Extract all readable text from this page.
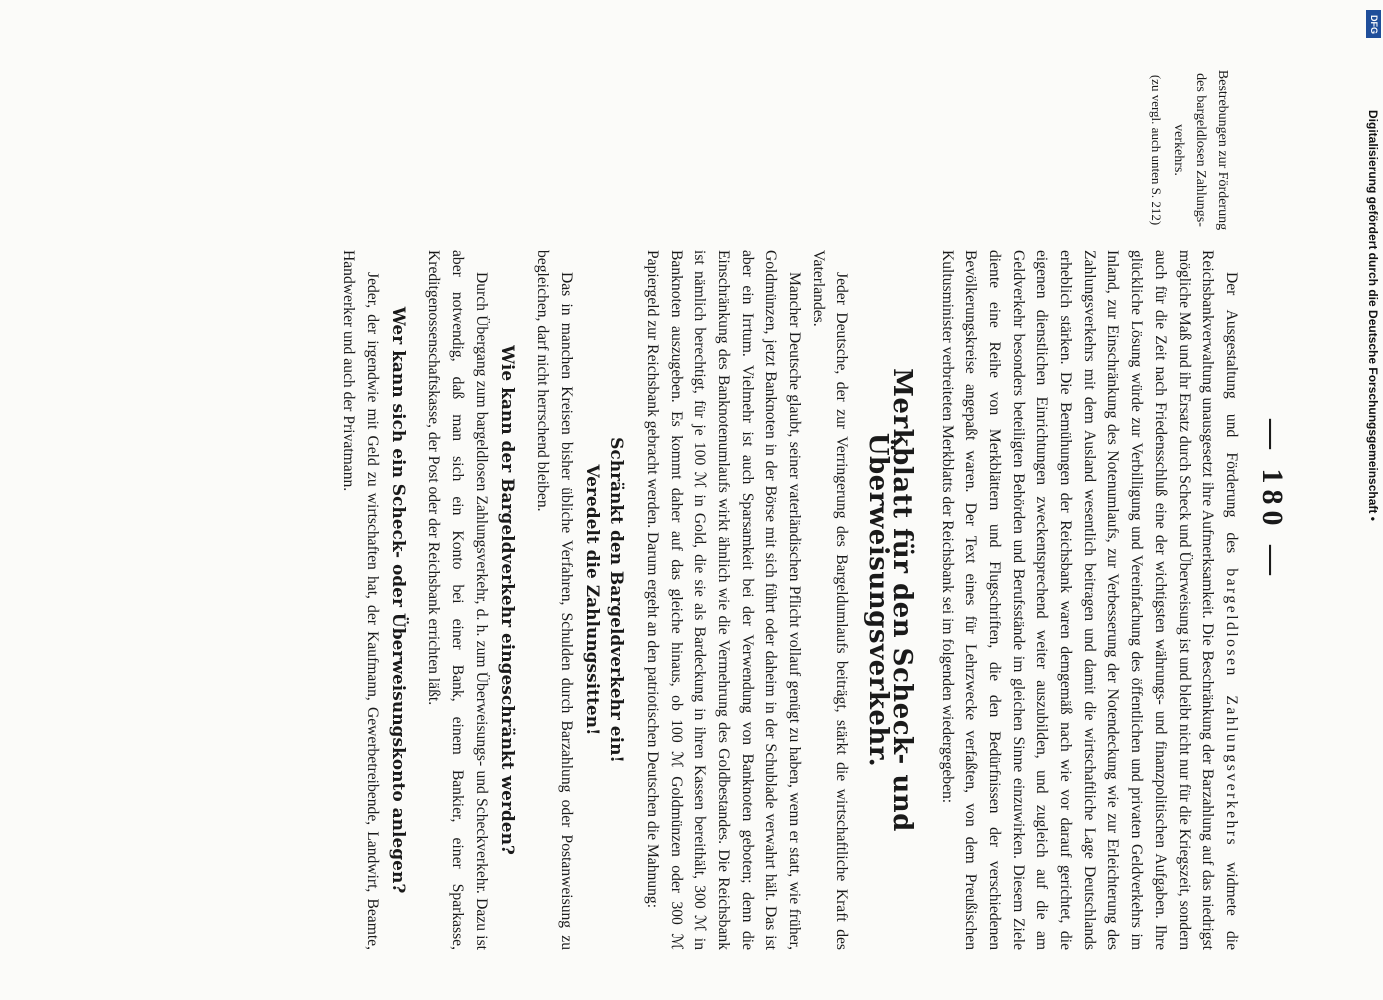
— 180 —
Bestrebungen zur Förderung des bargeldlosen Zahlungsverkehrs.
(zu vergl. auch unten S. 212)

Der Ausgestaltung und Förderung des bargeldlosen Zahlungsverkehrs widmete die Reichsbankverwaltung unausgesetzt ihre Aufmerksamkeit. Die Beschränkung der Barzahlung auf das niedrigst mögliche Maß und ihr Ersatz durch Scheck und Überweisung ist und bleibt nicht nur für die Kriegszeit, sondern auch für die Zeit nach Friedensschluß eine der wichtigsten währungs- und finanzpolitischen Aufgaben. Ihre glückliche Lösung würde zur Verbilligung und Vereinfachung des öffentlichen und privaten Geldverkehrs im Inland, zur Einschränkung des Notenumlaufs, zur Verbesserung der Notendeckung wie zur Erleichterung des Zahlungsverkehrs mit dem Ausland wesentlich beitragen und damit die wirtschaftliche Lage Deutschlands erheblich stärken. Die Bemühungen der Reichsbank waren demgemäß nach wie vor darauf gerichtet, die eigenen dienstlichen Einrichtungen zweckentsprechend weiter auszubilden, und zugleich auf die am Geldverkehr besonders beteiligten Behörden und Berufsstände im gleichen Sinne einzuwirken. Diesem Ziele diente eine Reihe von Merkblättern und Flugschriften, die den Bedürfnissen der verschiedenen Bevölkerungskreise angepaßt waren. Der Text eines für Lehrzwecke verfaßten, von dem Preußischen Kultusminister verbreiteten Merkblatts der Reichsbank sei im folgenden wiedergegeben:

Merkblatt für den Scheck- und Überweisungsverkehr.

Jeder Deutsche, der zur Verringerung des Bargeldumlaufs beiträgt, stärkt die wirtschaftliche Kraft des Vaterlandes.

Mancher Deutsche glaubt, seiner vaterländischen Pflicht vollauf genügt zu haben, wenn er statt, wie früher, Goldmünzen, jetzt Banknoten in der Börse mit sich führt oder daheim in der Schublade verwahrt hält. Das ist aber ein Irrtum. Vielmehr ist auch Sparsamkeit bei der Verwendung von Banknoten geboten; denn die Einschränkung des Banknotenumlaufs wirkt ähnlich wie die Vermehrung des Goldbestandes. Die Reichsbank ist nämlich berechtigt, für je 100 ℳ in Gold, die sie als Bardeckung in ihren Kassen bereithält, 300 ℳ in Banknoten auszugeben. Es kommt daher auf das gleiche hinaus, ob 100 ℳ Goldmünzen oder 300 ℳ Papiergeld zur Reichsbank gebracht werden. Darum ergeht an den patriotischen Deutschen die Mahnung:

Schränkt den Bargeldverkehr ein!
Veredelt die Zahlungssitten!

Das in manchen Kreisen bisher übliche Verfahren, Schulden durch Barzahlung oder Postanweisung zu begleichen, darf nicht herrschend bleiben.

Wie kann der Bargeldverkehr eingeschränkt werden?

Durch Übergang zum bargeldlosen Zahlungsverkehr, d. h. zum Überweisungs- und Scheckverkehr. Dazu ist aber notwendig, daß man sich ein Konto bei einer Bank, einem Bankier, einer Sparkasse, Kreditgenossenschaftskasse, der Post oder der Reichsbank errichten läßt.

Wer kann sich ein Scheck- oder Überweisungskonto anlegen?

Jeder, der irgendwie mit Geld zu wirtschaften hat, der Kaufmann, Gewerbetreibende, Landwirt, Beamte, Handwerker und auch der Privatmann.

DFG
Digitalisierung gefördert durch die Deutsche Forschungsgemeinschaft •
